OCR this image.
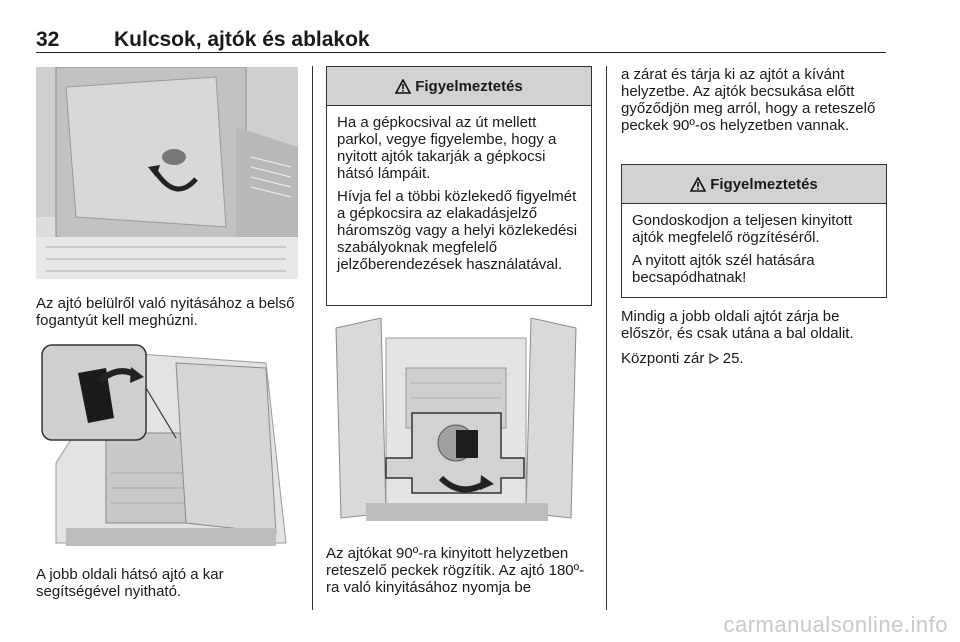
32	Kulcsok, ajtók és ablakok

Az ajtó belülről való nyitásához a belső fogantyút kell meghúzni.

A jobb oldali hátsó ajtó a kar segítségével nyitható.

Figyelmeztetés

Ha a gépkocsival az út mellett parkol, vegye figyelembe, hogy a nyitott ajtók takarják a gépkocsi hátsó lámpáit.

Hívja fel a többi közlekedő figyelmét a gépkocsira az elakadásjelző háromszög vagy a helyi közlekedési szabályoknak megfelelő jelzőberendezések használatával.

Az ajtókat 90º-ra kinyitott helyzetben reteszelő peckek rögzítik. Az ajtó 180º-ra való kinyitásához nyomja be

a zárat és tárja ki az ajtót a kívánt helyzetbe. Az ajtók becsukása előtt győződjön meg arról, hogy a reteszelő peckek 90º-os helyzetben vannak.

Figyelmeztetés

Gondoskodjon a teljesen kinyitott ajtók megfelelő rögzítéséről.

A nyitott ajtók szél hatására becsapódhatnak!

Mindig a jobb oldali ajtót zárja be először, és csak utána a bal oldalit.

Központi zár 25.

carmanualsonline.info
